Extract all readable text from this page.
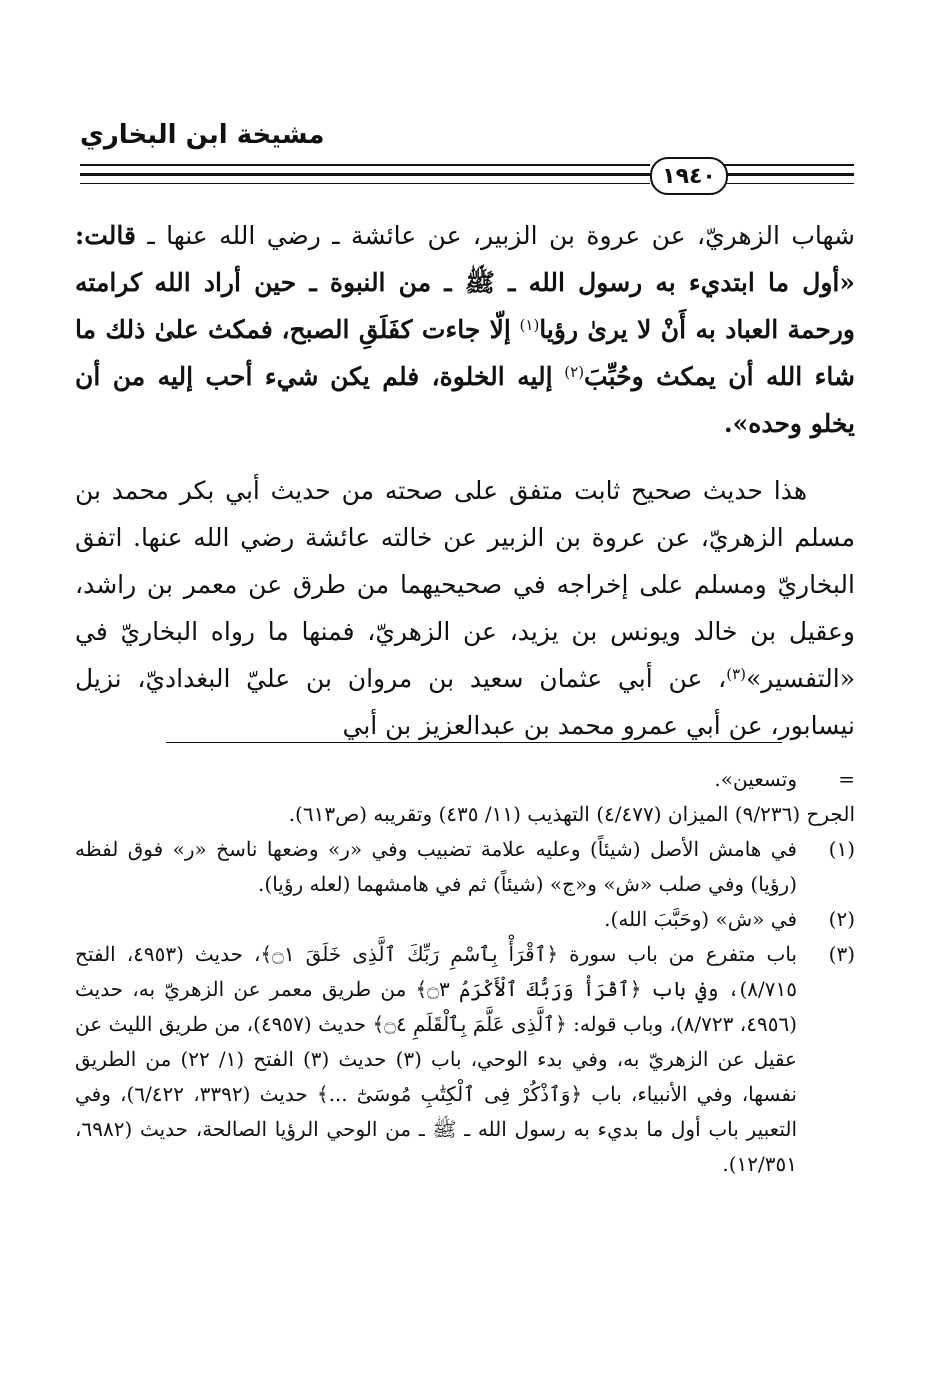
مشيخة ابن البخاري
١٩٤٠

شهاب الزهريّ، عن عروة بن الزبير، عن عائشة ـ رضي الله عنها ـ قالت: «أول ما ابتديء به رسول الله ـ ﷺ ـ من النبوة ـ حين أراد الله كرامته ورحمة العباد به أَنْ لا يرىٰ رؤيا$^{(١)}$ إلّا جاءت كفَلَقِ الصبح، فمكث علىٰ ذلك ما شاء الله أن يمكث وحُبِّبَ$^{(٢)}$ إليه الخلوة، فلم يكن شيء أحب إليه من أن يخلو وحده».

هذا حديث صحيح ثابت متفق على صحته من حديث أبي بكر محمد بن مسلم الزهريّ، عن عروة بن الزبير عن خالته عائشة رضي الله عنها. اتفق البخاريّ ومسلم على إخراجه في صحيحيهما من طرق عن معمر بن راشد، وعقيل بن خالد ويونس بن يزيد، عن الزهريّ، فمنها ما رواه البخاريّ في «التفسير»$^{(٣)}$، عن أبي عثمان سعيد بن مروان بن عليّ البغداديّ، نزيل نيسابور، عن أبي عمرو محمد بن عبدالعزيز بن أبي

=

وتسعين».

الجرح (٩/٢٣٦) الميزان (٤/٤٧٧) التهذيب (١١/ ٤٣٥) وتقريبه (ص٦١٣).

(١)

في هامش الأصل (شيئاً) وعليه علامة تضبيب وفي «ر» وضعها ناسخ «ر» فوق لفظه (رؤيا) وفي صلب «ش» و«ج» (شيئاً) ثم في هامشهما (لعله رؤيا).

(٢)

في «ش» (وحَبَّبَ الله).

(٣)

باب متفرع من باب سورة ﴿ٱقْرَأْ بِٱسْمِ رَبِّكَ ٱلَّذِى خَلَقَ ۝١﴾، حديث (٤٩٥٣، الفتح ٨/٧١٥)، وفي باب ﴿ٱقْرَأْ وَرَبُّكَ ٱلْأَكْرَمُ ۝٣﴾ من طريق معمر عن الزهريّ به، حديث (٤٩٥٦، ٨/٧٢٣)، وباب قوله: ﴿ٱلَّذِى عَلَّمَ بِٱلْقَلَمِ ۝٤﴾ حديث (٤٩٥٧)، من طريق الليث عن عقيل عن الزهريّ به، وفي بدء الوحي، باب (٣) حديث (٣) الفتح (١/ ٢٢) من الطريق نفسها، وفي الأنبياء، باب ﴿وَٱذْكُرْ فِى ٱلْكِتَٰبِ مُوسَىٰٓ ...﴾ حديث (٣٣٩٢، ٦/٤٢٢)، وفي التعبير باب أول ما بديء به رسول الله ـ ﷺ ـ من الوحي الرؤيا الصالحة، حديث (٦٩٨٢، ١٢/٣٥١).
